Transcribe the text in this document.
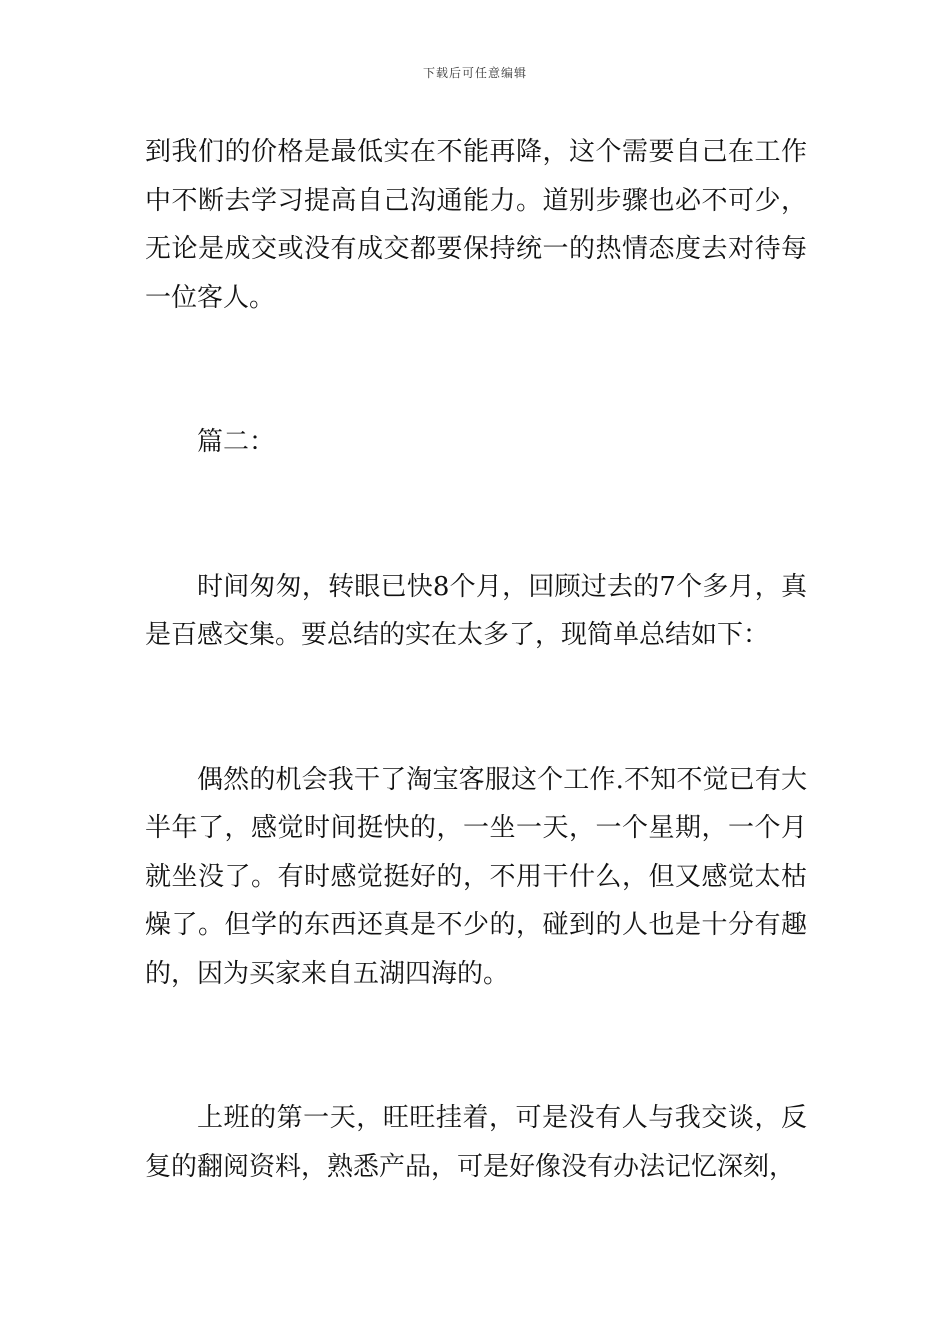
下载后可任意编辑

到我们的价格是最低实在不能再降，这个需要自己在工作中不断去学习提高自己沟通能力。道别步骤也必不可少，无论是成交或没有成交都要保持统一的热情态度去对待每一位客人。

篇二：

时间匆匆，转眼已快8个月，回顾过去的7个多月，真是百感交集。要总结的实在太多了，现简单总结如下：

偶然的机会我干了淘宝客服这个工作.不知不觉已有大半年了，感觉时间挺快的，一坐一天，一个星期，一个月就坐没了。有时感觉挺好的，不用干什么，但又感觉太枯燥了。但学的东西还真是不少的，碰到的人也是十分有趣的，因为买家来自五湖四海的。

上班的第一天，旺旺挂着，可是没有人与我交谈，反复的翻阅资料，熟悉产品，可是好像没有办法记忆深刻，
